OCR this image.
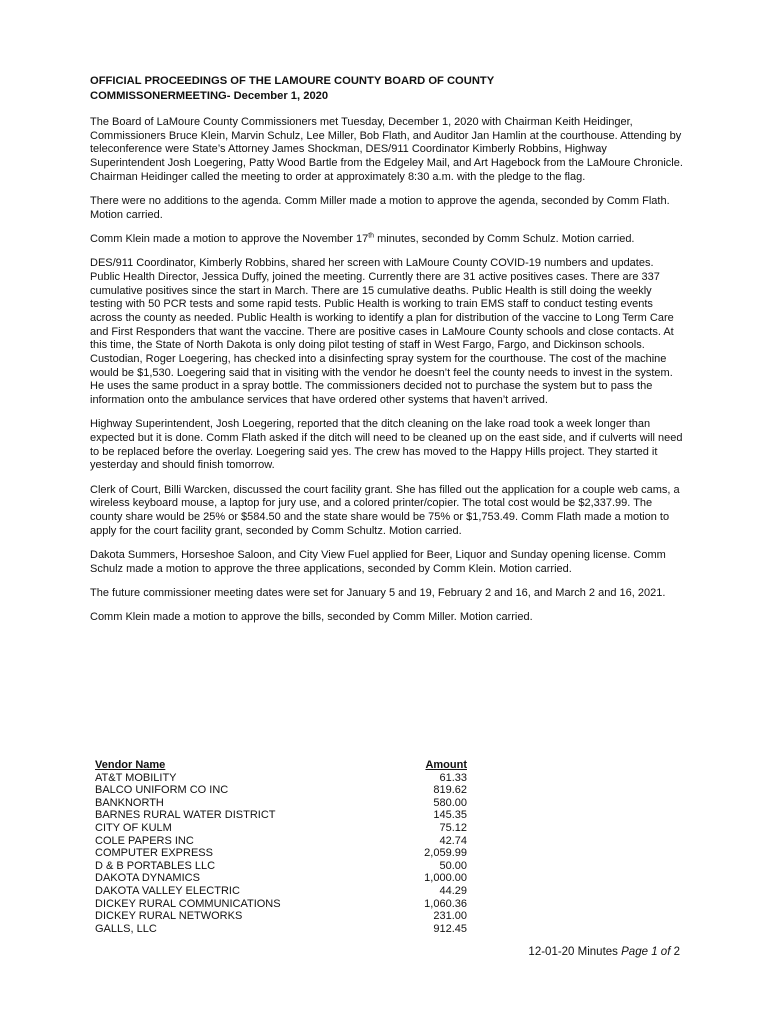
OFFICIAL PROCEEDINGS OF THE LAMOURE COUNTY BOARD OF COUNTY
COMMISSONERMEETING- December 1, 2020

The Board of LaMoure County Commissioners met Tuesday, December 1, 2020 with Chairman Keith Heidinger, Commissioners Bruce Klein, Marvin Schulz, Lee Miller, Bob Flath, and Auditor Jan Hamlin at the courthouse. Attending by teleconference were State’s Attorney James Shockman, DES/911 Coordinator Kimberly Robbins, Highway Superintendent Josh Loegering, Patty Wood Bartle from the Edgeley Mail, and Art Hagebock from the LaMoure Chronicle. Chairman Heidinger called the meeting to order at approximately 8:30 a.m. with the pledge to the flag.

There were no additions to the agenda. Comm Miller made a motion to approve the agenda, seconded by Comm Flath. Motion carried.

Comm Klein made a motion to approve the November 17th minutes, seconded by Comm Schulz. Motion carried.

DES/911 Coordinator, Kimberly Robbins, shared her screen with LaMoure County COVID-19 numbers and updates. Public Health Director, Jessica Duffy, joined the meeting. Currently there are 31 active positives cases. There are 337 cumulative positives since the start in March. There are 15 cumulative deaths. Public Health is still doing the weekly testing with 50 PCR tests and some rapid tests. Public Health is working to train EMS staff to conduct testing events across the county as needed. Public Health is working to identify a plan for distribution of the vaccine to Long Term Care and First Responders that want the vaccine. There are positive cases in LaMoure County schools and close contacts. At this time, the State of North Dakota is only doing pilot testing of staff in West Fargo, Fargo, and Dickinson schools. Custodian, Roger Loegering, has checked into a disinfecting spray system for the courthouse. The cost of the machine would be $1,530. Loegering said that in visiting with the vendor he doesn’t feel the county needs to invest in the system. He uses the same product in a spray bottle. The commissioners decided not to purchase the system but to pass the information onto the ambulance services that have ordered other systems that haven’t arrived.

Highway Superintendent, Josh Loegering, reported that the ditch cleaning on the lake road took a week longer than expected but it is done. Comm Flath asked if the ditch will need to be cleaned up on the east side, and if culverts will need to be replaced before the overlay. Loegering said yes. The crew has moved to the Happy Hills project. They started it yesterday and should finish tomorrow.

Clerk of Court, Billi Warcken, discussed the court facility grant. She has filled out the application for a couple web cams, a wireless keyboard mouse, a laptop for jury use, and a colored printer/copier. The total cost would be $2,337.99. The county share would be 25% or $584.50 and the state share would be 75% or $1,753.49. Comm Flath made a motion to apply for the court facility grant, seconded by Comm Schultz. Motion carried.

Dakota Summers, Horseshoe Saloon, and City View Fuel applied for Beer, Liquor and Sunday opening license. Comm Schulz made a motion to approve the three applications, seconded by Comm Klein. Motion carried.

The future commissioner meeting dates were set for January 5 and 19, February 2 and 16, and March 2 and 16, 2021.

Comm Klein made a motion to approve the bills, seconded by Comm Miller. Motion carried.

Vendor Name	Amount
AT&T MOBILITY	61.33
BALCO UNIFORM CO INC	819.62
BANKNORTH	580.00
BARNES RURAL WATER DISTRICT	145.35
CITY OF KULM	75.12
COLE PAPERS INC	42.74
COMPUTER EXPRESS	2,059.99
D & B PORTABLES LLC	50.00
DAKOTA DYNAMICS	1,000.00
DAKOTA VALLEY ELECTRIC	44.29
DICKEY RURAL COMMUNICATIONS	1,060.36
DICKEY RURAL NETWORKS	231.00
GALLS, LLC	912.45
12-01-20 Minutes Page 1 of 2
